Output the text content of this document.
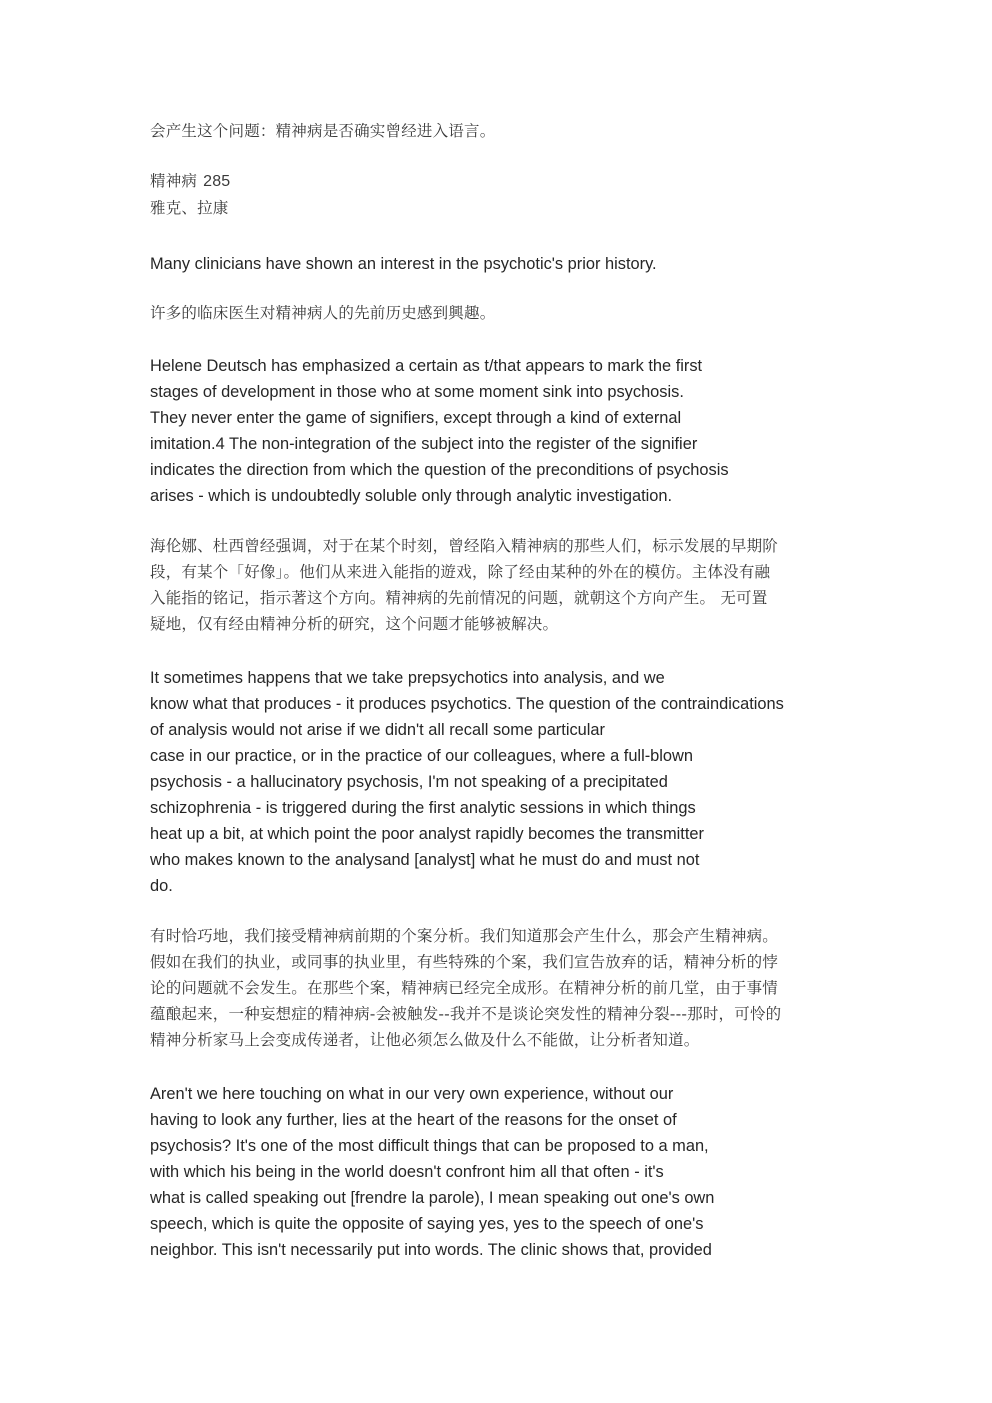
会产生这个问题：精神病是否确实曾经进入语言。

精神病 285
雅克、拉康

Many clinicians have shown an interest in the psychotic's prior history.

许多的临床医生对精神病人的先前历史感到興趣。

Helene Deutsch has emphasized a certain as t/that appears to mark the first
stages of development in those who at some moment sink into psychosis.
They never enter the game of signifiers, except through a kind of external
imitation.4 The non-integration of the subject into the register of the signifier
indicates the direction from which the question of the preconditions of psychosis
arises - which is undoubtedly soluble only through analytic investigation.

海伦娜、杜西曾经强调，对于在某个时刻，曾经陷入精神病的那些人们，标示发展的早期阶
段，有某个「好像」。他们从来进入能指的遊戏，除了经由某种的外在的模仿。主体没有融
入能指的铭记，指示著这个方向。精神病的先前情况的问题，就朝这个方向产生。 无可置
疑地，仅有经由精神分析的研究，这个问题才能够被解决。

It sometimes happens that we take prepsychotics into analysis, and we
know what that produces - it produces psychotics. The question of the contraindications
of analysis would not arise if we didn't all recall some particular
case in our practice, or in the practice of our colleagues, where a full-blown
psychosis - a hallucinatory psychosis, I'm not speaking of a precipitated
schizophrenia - is triggered during the first analytic sessions in which things
heat up a bit, at which point the poor analyst rapidly becomes the transmitter
who makes known to the analysand [analyst] what he must do and must not
do.

有时恰巧地，我们接受精神病前期的个案分析。我们知道那会产生什么，那会产生精神病。
假如在我们的执业，或同事的执业里，有些特殊的个案，我们宣告放弃的话，精神分析的悖
论的问题就不会发生。在那些个案，精神病已经完全成形。在精神分析的前几堂，由于事情
蕴酿起来，一种妄想症的精神病-会被触发--我并不是谈论突发性的精神分裂---那时，可怜的
精神分析家马上会变成传递者，让他必须怎么做及什么不能做，让分析者知道。

Aren't we here touching on what in our very own experience, without our
having to look any further, lies at the heart of the reasons for the onset of
psychosis? It's one of the most difficult things that can be proposed to a man,
with which his being in the world doesn't confront him all that often - it's
what is called speaking out [frendre la parole), I mean speaking out one's own
speech, which is quite the opposite of saying yes, yes to the speech of one's
neighbor. This isn't necessarily put into words. The clinic shows that, provided
